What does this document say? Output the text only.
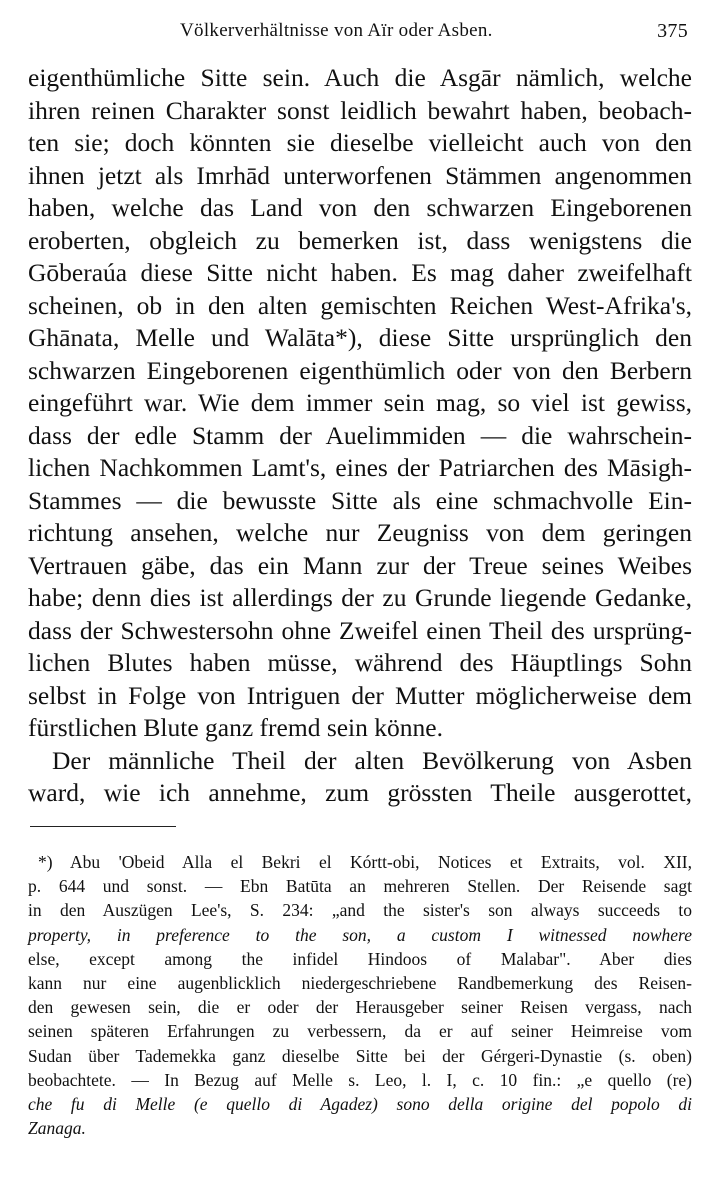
Völkerverhältnisse von Aïr oder Asben.	375
eigenthümliche Sitte sein. Auch die Asgār nämlich, welche
ihren reinen Charakter sonst leidlich bewahrt haben, beobach-
ten sie; doch könnten sie dieselbe vielleicht auch von den
ihnen jetzt als Imrhād unterworfenen Stämmen angenommen
haben, welche das Land von den schwarzen Eingeborenen
eroberten, obgleich zu bemerken ist, dass wenigstens die
Gōberaúa diese Sitte nicht haben. Es mag daher zweifelhaft
scheinen, ob in den alten gemischten Reichen West-Afrika's,
Ghānata, Melle und Walāta*), diese Sitte ursprünglich den
schwarzen Eingeborenen eigenthümlich oder von den Berbern
eingeführt war. Wie dem immer sein mag, so viel ist gewiss,
dass der edle Stamm der Auelimmiden — die wahrschein-
lichen Nachkommen Lamt's, eines der Patriarchen des Māsigh-
Stammes — die bewusste Sitte als eine schmachvolle Ein-
richtung ansehen, welche nur Zeugniss von dem geringen
Vertrauen gäbe, das ein Mann zur der Treue seines Weibes
habe; denn dies ist allerdings der zu Grunde liegende Gedanke,
dass der Schwestersohn ohne Zweifel einen Theil des ursprüng-
lichen Blutes haben müsse, während des Häuptlings Sohn
selbst in Folge von Intriguen der Mutter möglicherweise dem
fürstlichen Blute ganz fremd sein könne.
Der männliche Theil der alten Bevölkerung von Asben
ward, wie ich annehme, zum grössten Theile ausgerottet,
*) Abu 'Obeid Alla el Bekri el Kórtt-obi, Notices et Extraits, vol. XII,
p. 644 und sonst. — Ebn Batūta an mehreren Stellen. Der Reisende sagt
in den Auszügen Lee's, S. 234: „and the sister's son always succeeds to
property, in preference to the son, a custom I witnessed nowhere
else, except among the infidel Hindoos of Malabar". Aber dies
kann nur eine augenblicklich niedergeschriebene Randbemerkung des Reisen-
den gewesen sein, die er oder der Herausgeber seiner Reisen vergass, nach
seinen späteren Erfahrungen zu verbessern, da er auf seiner Heimreise vom
Sudan über Tademekka ganz dieselbe Sitte bei der Gérgeri-Dynastie (s. oben)
beobachtete. — In Bezug auf Melle s. Leo, l. I, c. 10 fin.: „e quello (re)
che fu di Melle (e quello di Agadez) sono della origine del popolo di
Zanaga.
